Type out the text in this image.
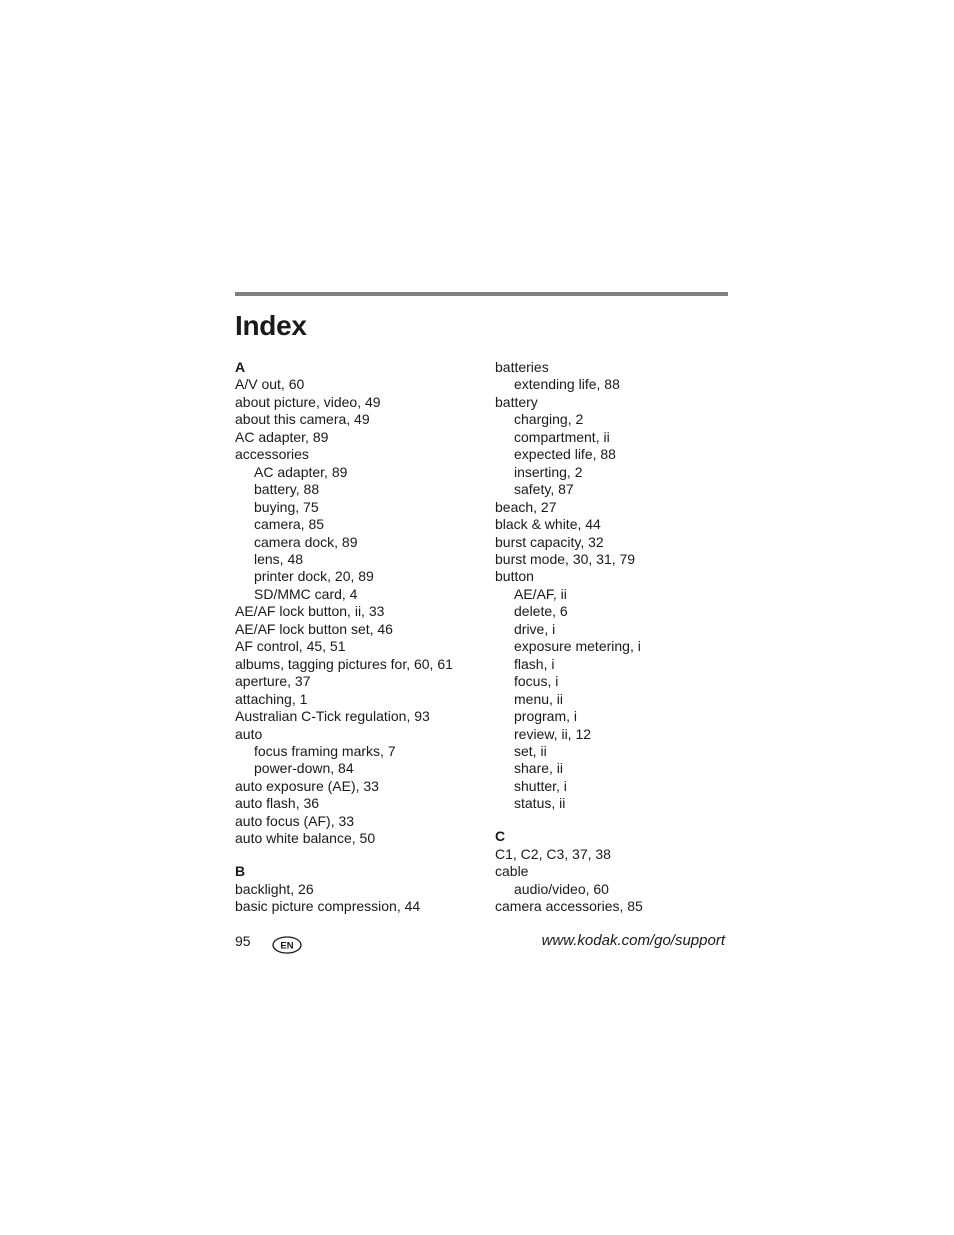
Index
A
A/V out, 60
about picture, video, 49
about this camera, 49
AC adapter, 89
accessories
AC adapter, 89
battery, 88
buying, 75
camera, 85
camera dock, 89
lens, 48
printer dock, 20, 89
SD/MMC card, 4
AE/AF lock button, ii, 33
AE/AF lock button set, 46
AF control, 45, 51
albums, tagging pictures for, 60, 61
aperture, 37
attaching, 1
Australian C-Tick regulation, 93
auto
focus framing marks, 7
power-down, 84
auto exposure (AE), 33
auto flash, 36
auto focus (AF), 33
auto white balance, 50
B
backlight, 26
basic picture compression, 44
batteries
extending life, 88
battery
charging, 2
compartment, ii
expected life, 88
inserting, 2
safety, 87
beach, 27
black & white, 44
burst capacity, 32
burst mode, 30, 31, 79
button
AE/AF, ii
delete, 6
drive, i
exposure metering, i
flash, i
focus, i
menu, ii
program, i
review, ii, 12
set, ii
share, ii
shutter, i
status, ii
C
C1, C2, C3, 37, 38
cable
audio/video, 60
camera accessories, 85
95	EN	www.kodak.com/go/support
